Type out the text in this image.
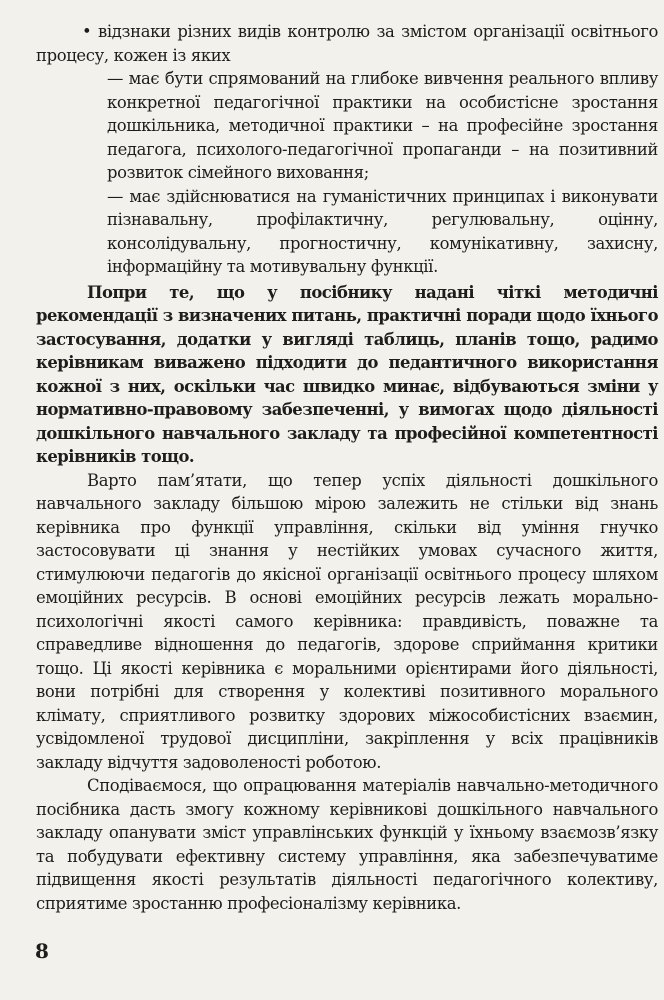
• відзнаки різних видів контролю за змістом організації освітнього процесу, кожен із яких

— має бути спрямований на глибоке вивчення реального впливу конкретної педагогічної практики на особистісне зростання дошкільника, методичної практики – на професійне зростання педагога, психолого-педагогічної пропаганди – на позитивний розвиток сімейного виховання;

— має здійснюватися на гуманістичних принципах і виконувати пізнавальну, профілактичну, регулювальну, оцінну, консолідувальну, прогностичну, комунікативну, захисну, інформаційну та мотивувальну функції.

Попри те, що у посібнику надані чіткі методичні рекомендації з визначених питань, практичні поради щодо їхнього застосування, додатки у вигляді таблиць, планів тощо, радимо керівникам виважено підходити до педантичного використання кожної з них, оскільки час швидко минає, відбуваються зміни у нормативно-правовому забезпеченні, у вимогах щодо діяльності дошкільного навчального закладу та професійної компетентності керівників тощо.

Варто пам’ятати, що тепер успіх діяльності дошкільного навчального закладу більшою мірою залежить не стільки від знань керівника про функції управління, скільки від уміння гнучко застосовувати ці знання у нестійких умовах сучасного життя, стимулюючи педагогів до якісної організації освітнього процесу шляхом емоційних ресурсів. В основі емоційних ресурсів лежать морально-психологічні якості самого керівника: правдивість, поважне та справедливе відношення до педагогів, здорове сприймання критики тощо. Ці якості керівника є моральними орієнтирами його діяльності, вони потрібні для створення у колективі позитивного морального клімату, сприятливого розвитку здорових міжособистісних взаємин, усвідомленої трудової дисципліни, закріплення у всіх працівників закладу відчуття задоволеності роботою.

Сподіваємося, що опрацювання матеріалів навчально-методичного посібника дасть змогу кожному керівникові дошкільного навчального закладу опанувати зміст управлінських функцій у їхньому взаємозв’язку та побудувати ефективну систему управління, яка забезпечуватиме підвищення якості результатів діяльності педагогічного колективу, сприятиме зростанню професіоналізму керівника.

8
